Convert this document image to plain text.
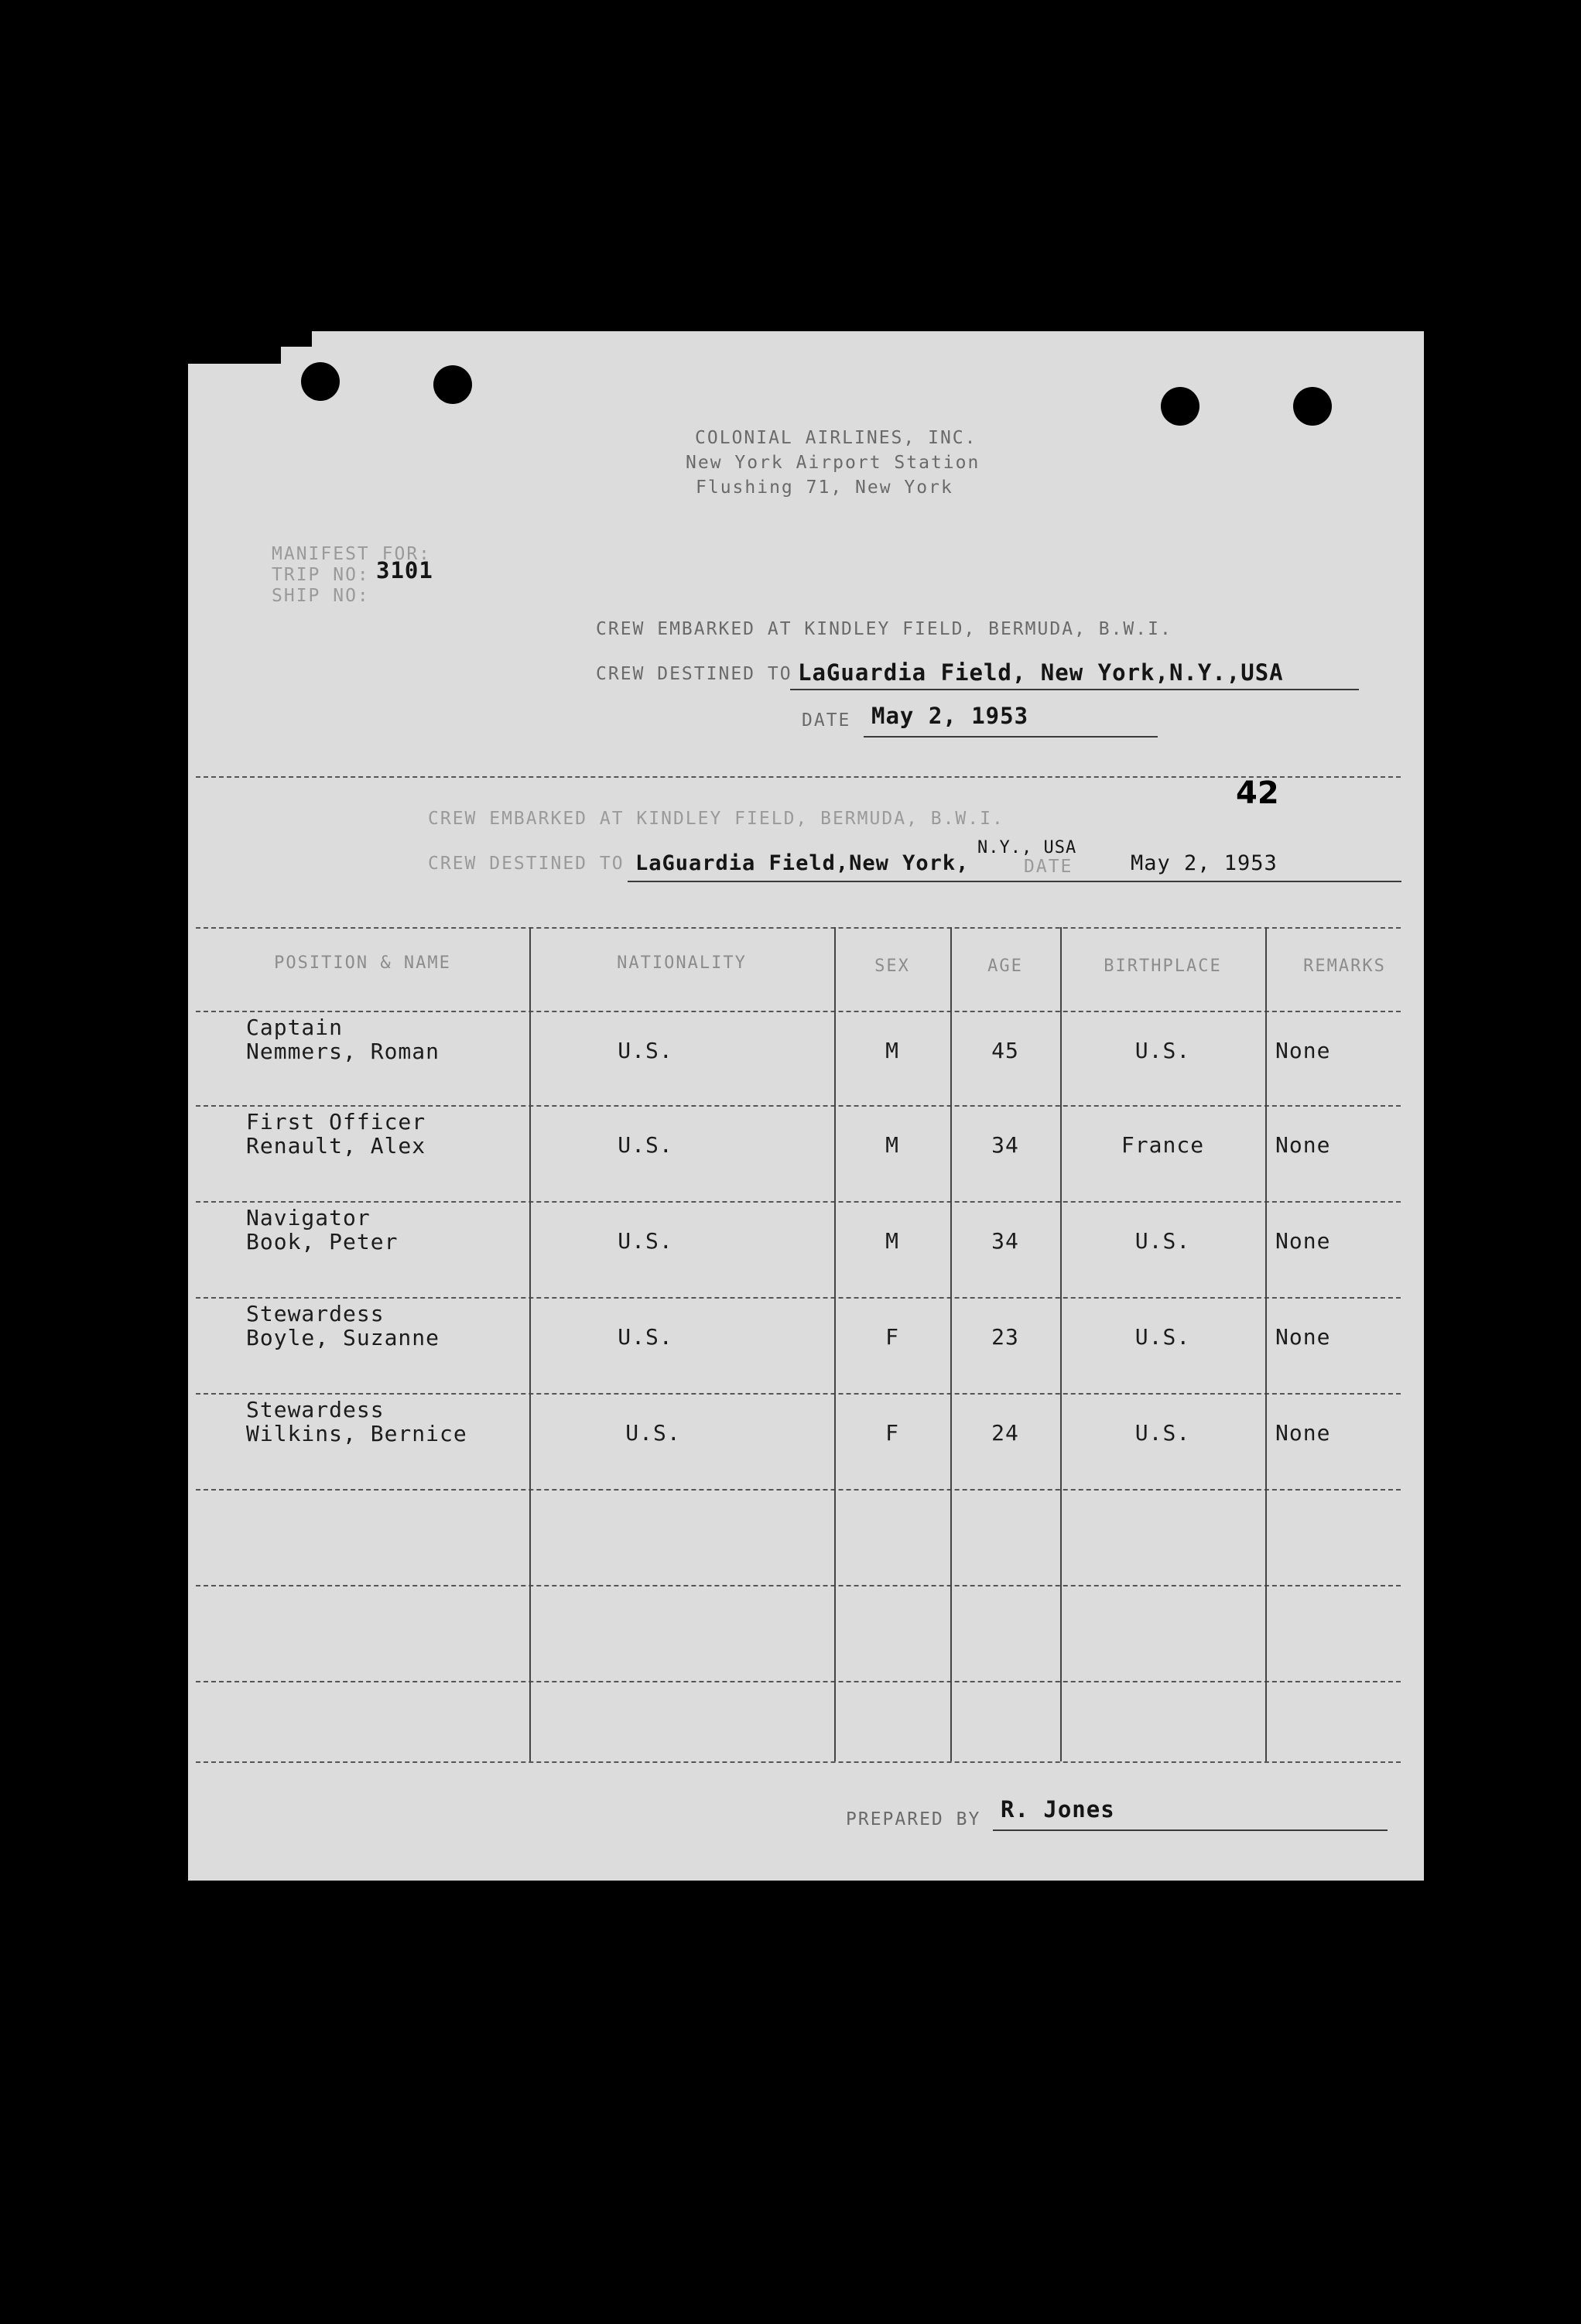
COLONIAL AIRLINES, INC.
New York Airport Station
Flushing 71, New York
MANIFEST FOR:
TRIP NO: 3101
SHIP NO:
CREW EMBARKED AT KINDLEY FIELD, BERMUDA, B.W.I.
CREW DESTINED TO LaGuardia Field, New York,N.Y.,USA
DATE May 2, 1953
42
CREW EMBARKED AT KINDLEY FIELD, BERMUDA, B.W.I.
CREW DESTINED TO LaGuardia Field,New York,
N.Y., USA
DATE	May 2, 1953
POSITION & NAME	NATIONALITY	SEX	AGE	BIRTHPLACE	REMARKS
Captain
Nemmers, Roman	U.S.	M	45	U.S.	None
First Officer
Renault, Alex	U.S.	M	34	France	None
Navigator
Book, Peter	U.S.	M	34	U.S.	None
Stewardess
Boyle, Suzanne	U.S.	F	23	U.S.	None
Stewardess
Wilkins, Bernice	U.S.	F	24	U.S.	None
PREPARED BY R. Jones
